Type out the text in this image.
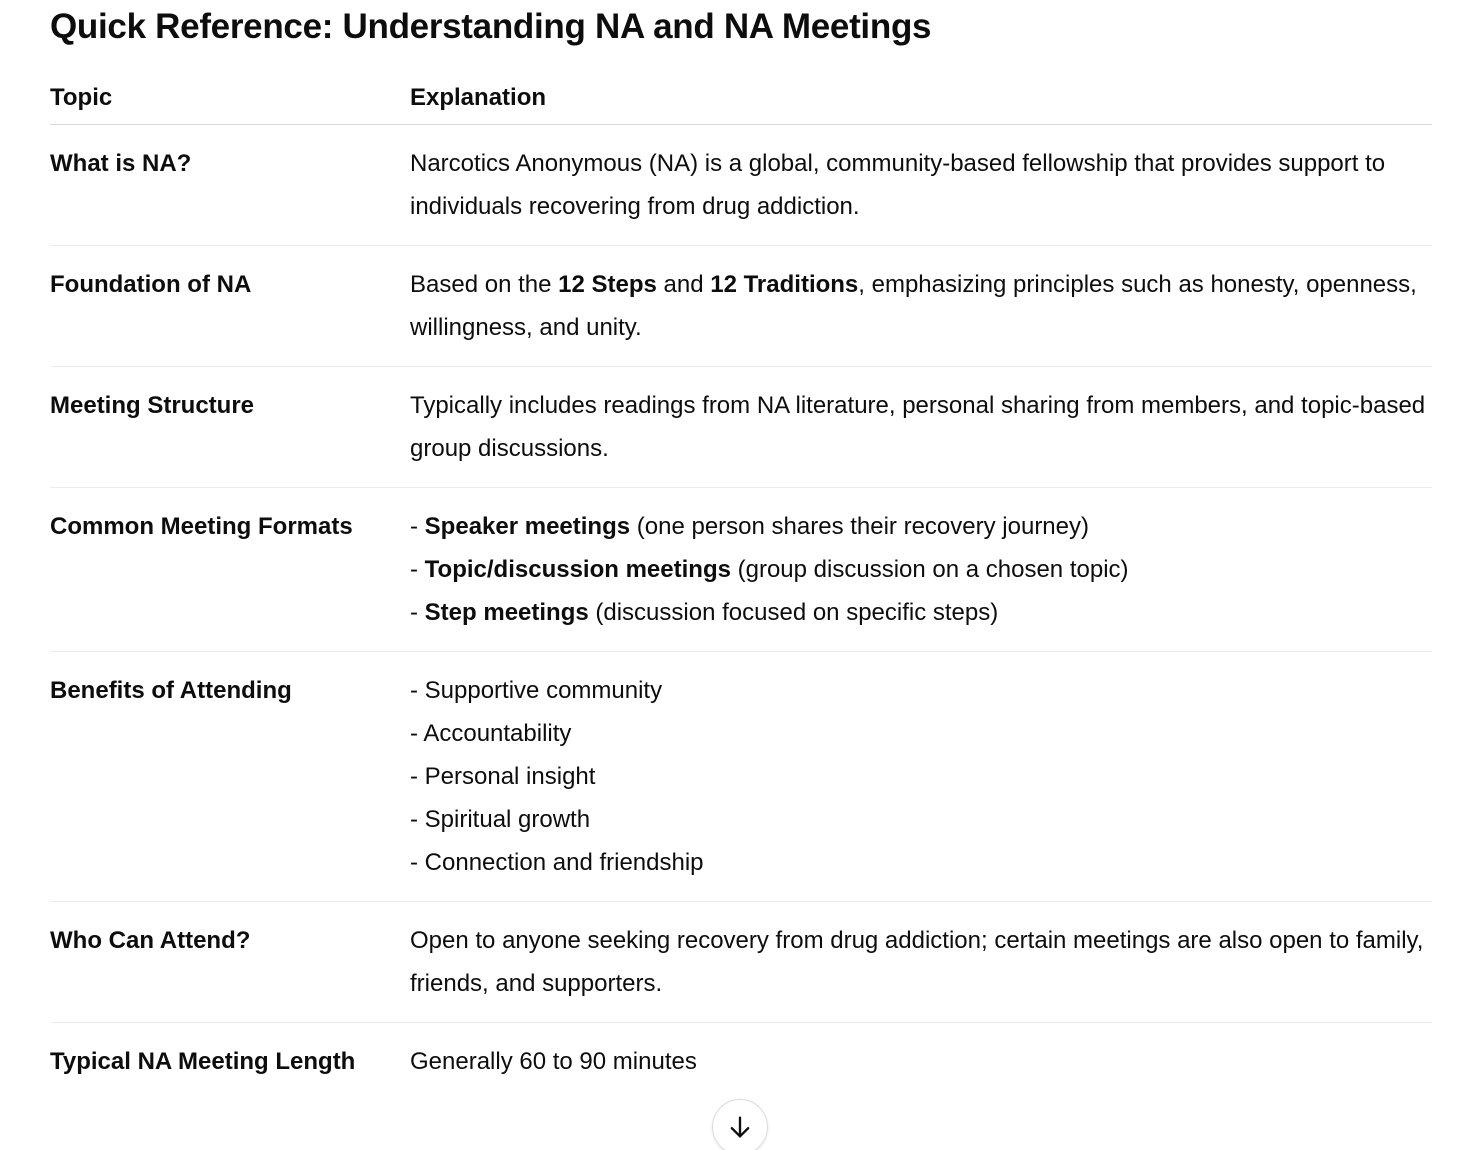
Quick Reference: Understanding NA and NA Meetings
Topic	Explanation
What is NA?	Narcotics Anonymous (NA) is a global, community-based fellowship that provides support to individuals recovering from drug addiction.

Foundation of NA	Based on the 12 Steps and 12 Traditions, emphasizing principles such as honesty, openness, willingness, and unity.

Meeting Structure	Typically includes readings from NA literature, personal sharing from members, and topic-based group discussions.

Common Meeting Formats	- Speaker meetings (one person shares their recovery journey)
- Topic/discussion meetings (group discussion on a chosen topic)
- Step meetings (discussion focused on specific steps)

Benefits of Attending	- Supportive community
- Accountability
- Personal insight
- Spiritual growth
- Connection and friendship

Who Can Attend?	Open to anyone seeking recovery from drug addiction; certain meetings are also open to family, friends, and supporters.

Typical NA Meeting Length	Generally 60 to 90 minutes
